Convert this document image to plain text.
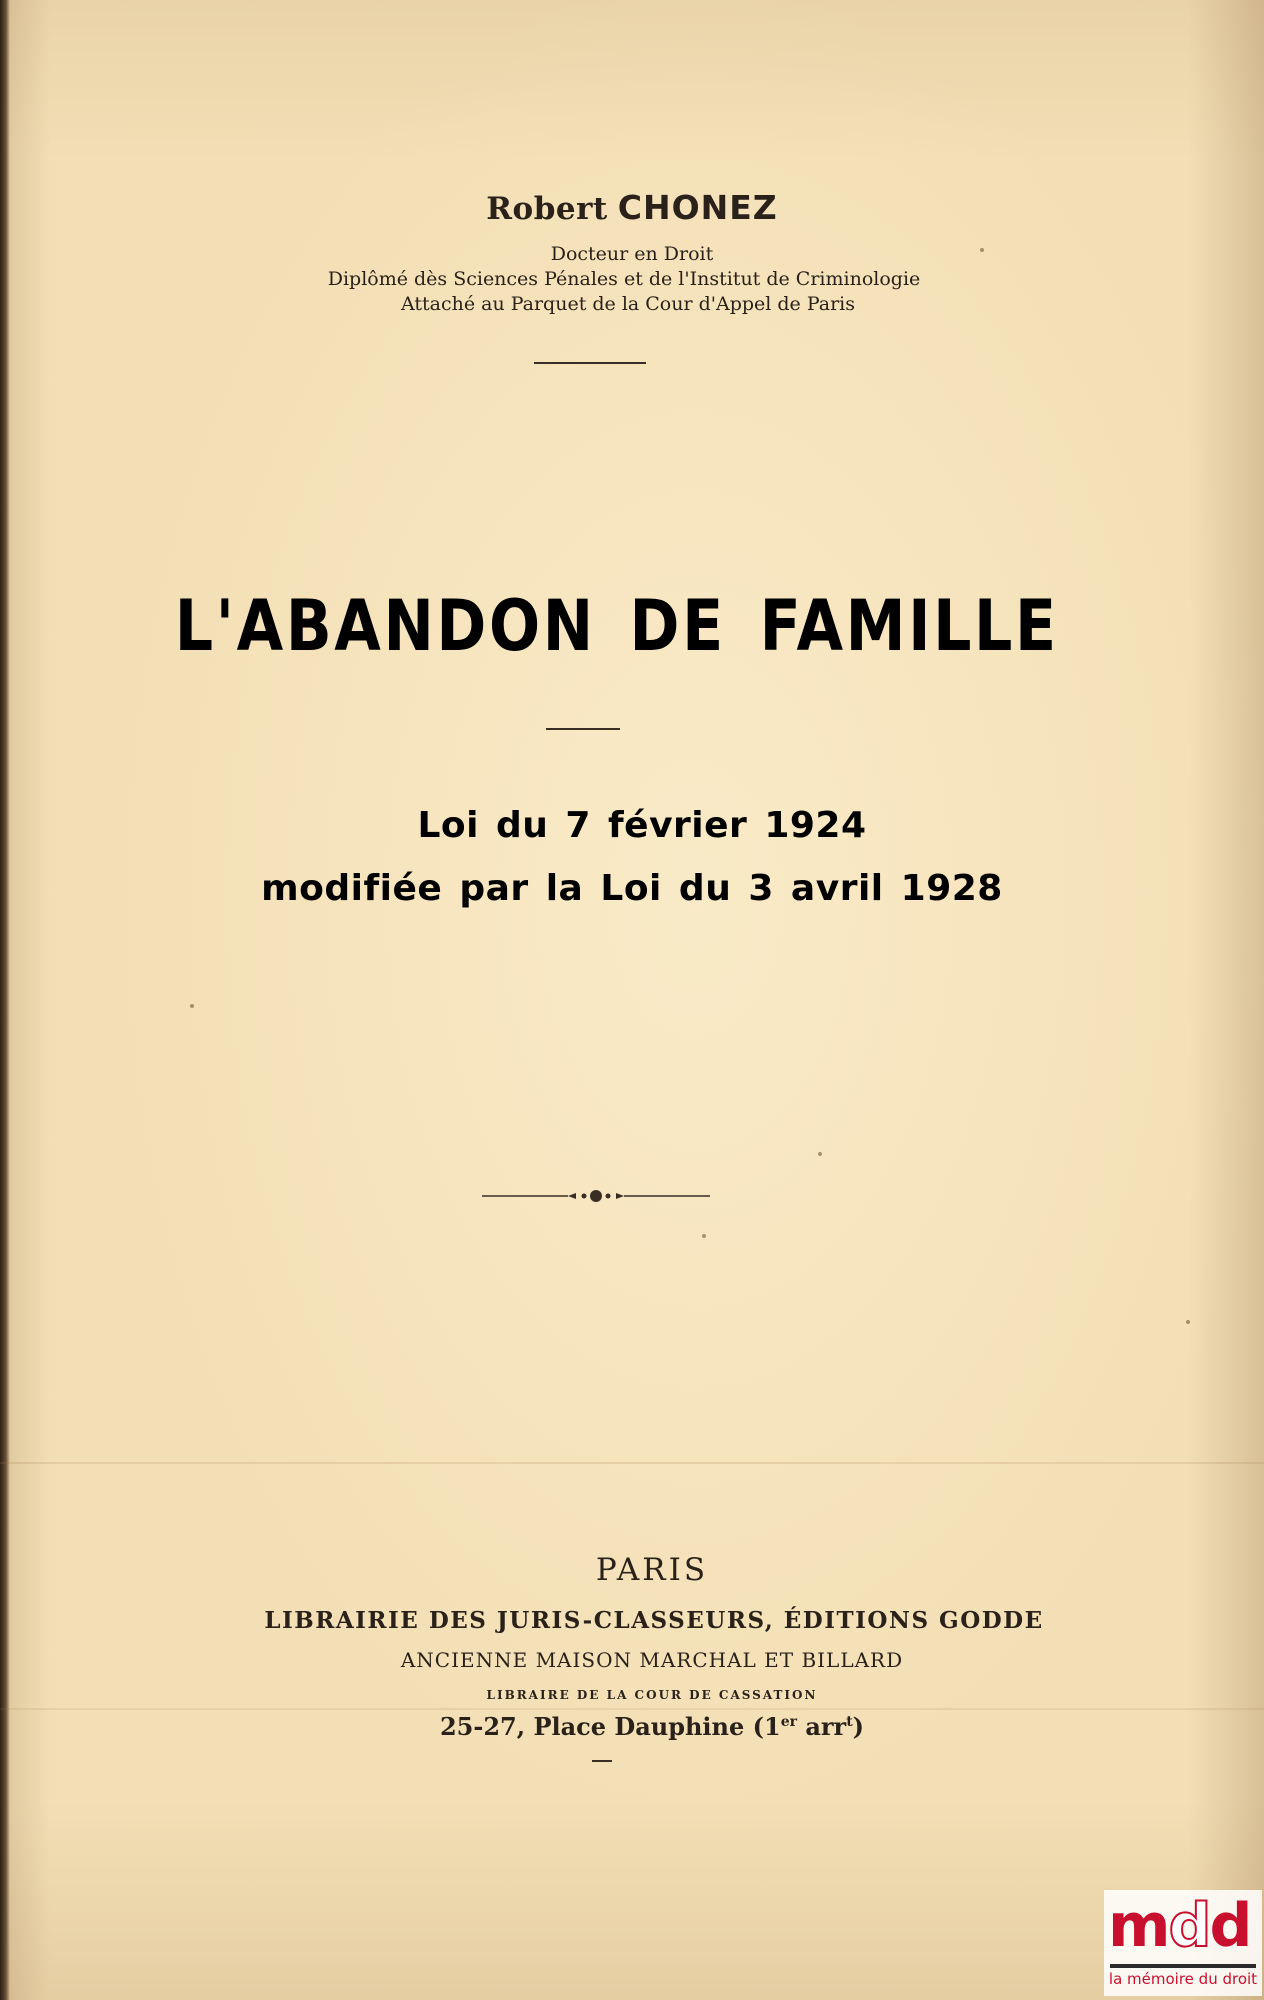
Robert CHONEZ
Docteur en Droit
Diplômé dès Sciences Pénales et de l'Institut de Criminologie
Attaché au Parquet de la Cour d'Appel de Paris
L'ABANDON DE FAMILLE
Loi du 7 février 1924
modifiée par la Loi du 3 avril 1928
PARIS
LIBRAIRIE DES JURIS-CLASSEURS, ÉDITIONS GODDE
ANCIENNE MAISON MARCHAL ET BILLARD
LIBRAIRE DE LA COUR DE CASSATION
25-27, Place Dauphine (1er arr$^t$)
mdd
la mémoire du droit
